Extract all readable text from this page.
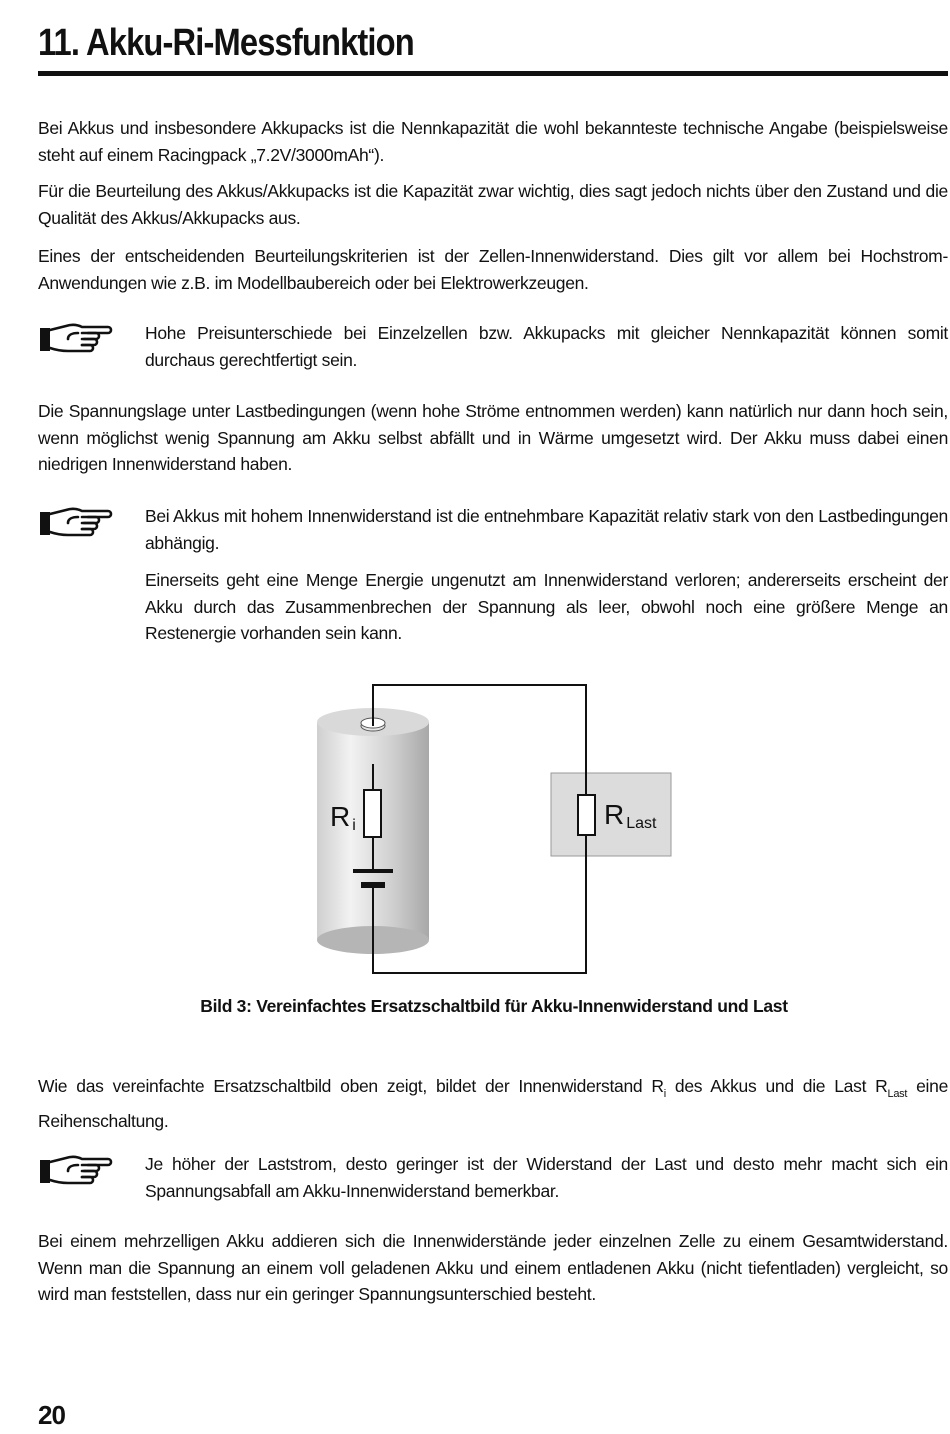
11. Akku-Ri-Messfunktion

Bei Akkus und insbesondere Akkupacks ist die Nennkapazität die wohl bekannteste technische Angabe (beispielsweise steht auf einem Racingpack „7.2V/3000mAh“).

Für die Beurteilung des Akkus/Akkupacks ist die Kapazität zwar wichtig, dies sagt jedoch nichts über den Zustand und die Qualität des Akkus/Akkupacks aus.

Eines der entscheidenden Beurteilungskriterien ist der Zellen-Innenwiderstand. Dies gilt vor allem bei Hochstrom-Anwendungen wie z.B. im Modellbaubereich oder bei Elektrowerkzeugen.

Hohe Preisunterschiede bei Einzelzellen bzw. Akkupacks mit gleicher Nennkapazität können somit durchaus gerechtfertigt sein.

Die Spannungslage unter Lastbedingungen (wenn hohe Ströme entnommen werden) kann natürlich nur dann hoch sein, wenn möglichst wenig Spannung am Akku selbst abfällt und in Wärme umgesetzt wird. Der Akku muss dabei einen niedrigen Innenwiderstand haben.

Bei Akkus mit hohem Innenwiderstand ist die entnehmbare Kapazität relativ stark von den Lastbedingungen abhängig.

Einerseits geht eine Menge Energie ungenutzt am Innenwiderstand verloren; andererseits erscheint der Akku durch das Zusammenbrechen der Spannung als leer, obwohl noch eine größere Menge an Restenergie vorhanden sein kann.

Ri	R Last

Bild 3: Vereinfachtes Ersatzschaltbild für Akku-Innenwiderstand und Last

Wie das vereinfachte Ersatzschaltbild oben zeigt, bildet der Innenwiderstand $R_i$ des Akkus und die Last $R_{Last}$ eine Reihenschaltung.

Je höher der Laststrom, desto geringer ist der Widerstand der Last und desto mehr macht sich ein Spannungsabfall am Akku-Innenwiderstand bemerkbar.

Bei einem mehrzelligen Akku addieren sich die Innenwiderstände jeder einzelnen Zelle zu einem Gesamtwiderstand. Wenn man die Spannung an einem voll geladenen Akku und einem entladenen Akku (nicht tiefentladen) vergleicht, so wird man feststellen, dass nur ein geringer Spannungsunterschied besteht.

20
